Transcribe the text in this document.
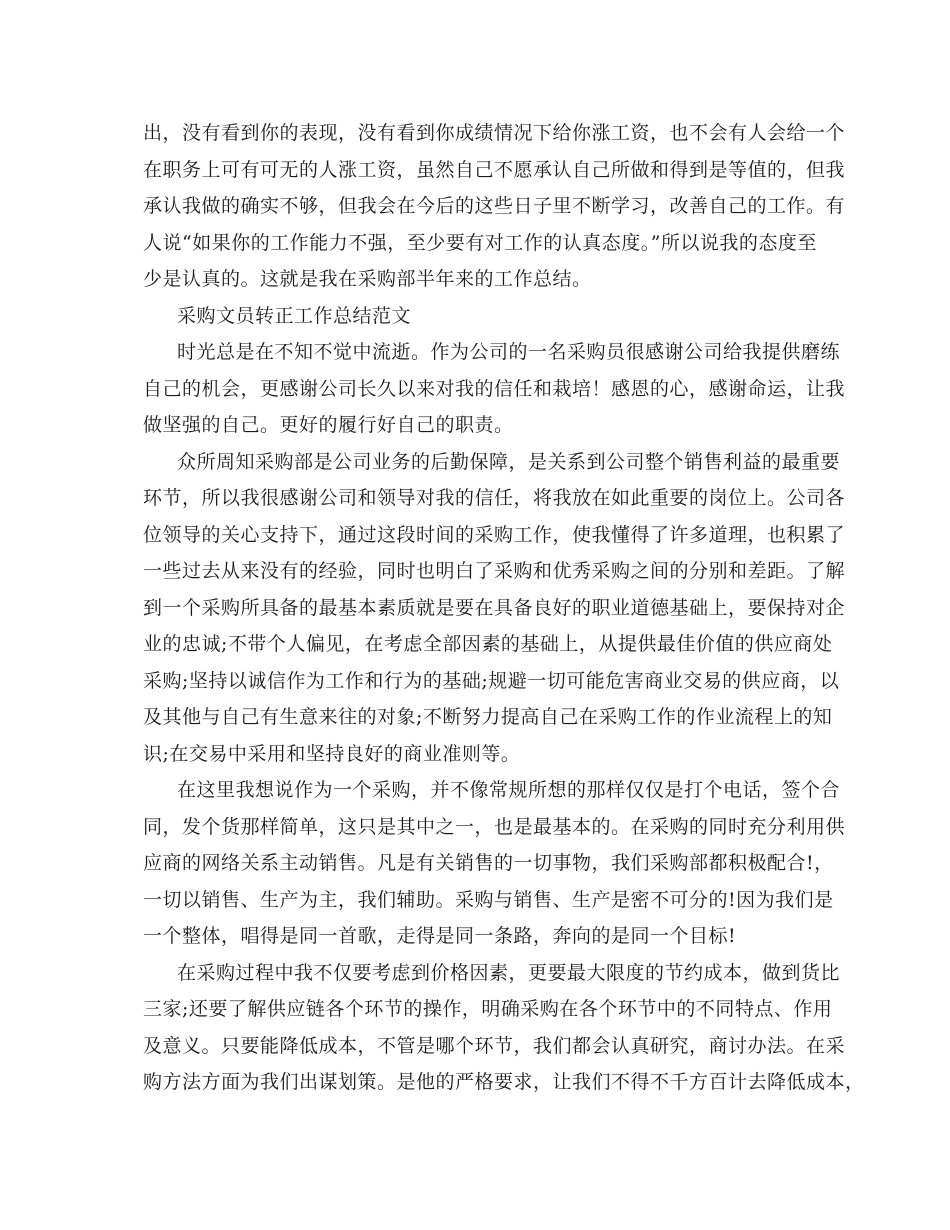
出，没有看到你的表现，没有看到你成绩情况下给你涨工资，也不会有人会给一个
在职务上可有可无的人涨工资，虽然自己不愿承认自己所做和得到是等值的，但我
承认我做的确实不够，但我会在今后的这些日子里不断学习，改善自己的工作。有
人说“如果你的工作能力不强，至少要有对工作的认真态度。”所以说我的态度至
少是认真的。这就是我在采购部半年来的工作总结。
采购文员转正工作总结范文
时光总是在不知不觉中流逝。作为公司的一名采购员很感谢公司给我提供磨练
自己的机会，更感谢公司长久以来对我的信任和栽培！感恩的心，感谢命运，让我
做坚强的自己。更好的履行好自己的职责。
众所周知采购部是公司业务的后勤保障，是关系到公司整个销售利益的最重要
环节，所以我很感谢公司和领导对我的信任，将我放在如此重要的岗位上。公司各
位领导的关心支持下，通过这段时间的采购工作，使我懂得了许多道理，也积累了
一些过去从来没有的经验，同时也明白了采购和优秀采购之间的分别和差距。了解
到一个采购所具备的最基本素质就是要在具备良好的职业道德基础上，要保持对企
业的忠诚;不带个人偏见，在考虑全部因素的基础上，从提供最佳价值的供应商处
采购;坚持以诚信作为工作和行为的基础;规避一切可能危害商业交易的供应商，以
及其他与自己有生意来往的对象;不断努力提高自己在采购工作的作业流程上的知
识;在交易中采用和坚持良好的商业准则等。
在这里我想说作为一个采购，并不像常规所想的那样仅仅是打个电话，签个合
同，发个货那样简单，这只是其中之一，也是最基本的。在采购的同时充分利用供
应商的网络关系主动销售。凡是有关销售的一切事物，我们采购部都积极配合!，
一切以销售、生产为主，我们辅助。采购与销售、生产是密不可分的!因为我们是
一个整体，唱得是同一首歌，走得是同一条路，奔向的是同一个目标!
在采购过程中我不仅要考虑到价格因素，更要最大限度的节约成本，做到货比
三家;还要了解供应链各个环节的操作，明确采购在各个环节中的不同特点、作用
及意义。只要能降低成本，不管是哪个环节，我们都会认真研究，商讨办法。在采
购方法方面为我们出谋划策。是他的严格要求，让我们不得不千方百计去降低成本，
